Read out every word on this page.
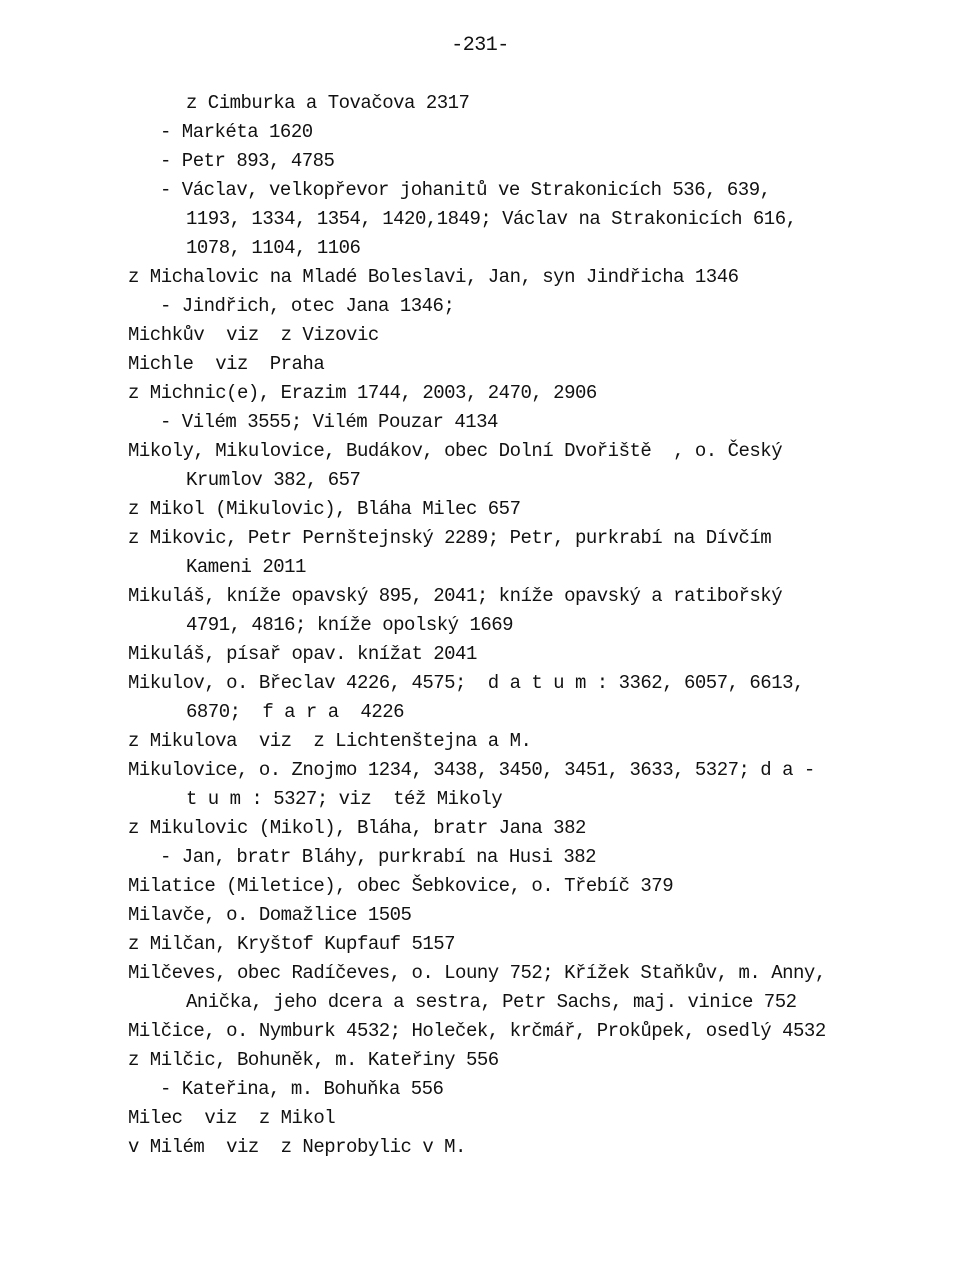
-231-
z Cimburka a Tovačova 2317
- Markéta 1620
- Petr 893, 4785
- Václav, velkopřevor johanitů ve Strakonicích 536, 639,
1193, 1334, 1354, 1420,1849; Václav na Strakonicích 616,
1078, 1104, 1106
z Michalovic na Mladé Boleslavi, Jan, syn Jindřicha 1346
- Jindřich, otec Jana 1346;
Michkův  viz  z Vizovic
Michle  viz  Praha
z Michnic(e), Erazim 1744, 2003, 2470, 2906
- Vilém 3555; Vilém Pouzar 4134
Mikoly, Mikulovice, Budákov, obec Dolní Dvořiště  , o. Český
Krumlov 382, 657
z Mikol (Mikulovic), Bláha Milec 657
z Mikovic, Petr Pernštejnský 2289; Petr, purkrabí na Dívčím
Kameni 2011
Mikuláš, kníže opavský 895, 2041; kníže opavský a ratibořský
4791, 4816; kníže opolský 1669
Mikuláš, písař opav. knížat 2041
Mikulov, o. Břeclav 4226, 4575;  d a t u m : 3362, 6057, 6613,
6870;  f a r a  4226
z Mikulova  viz  z Lichtenštejna a M.
Mikulovice, o. Znojmo 1234, 3438, 3450, 3451, 3633, 5327; d a -
t u m : 5327; viz  též Mikoly
z Mikulovic (Mikol), Bláha, bratr Jana 382
- Jan, bratr Bláhy, purkrabí na Husi 382
Milatice (Miletice), obec Šebkovice, o. Třebíč 379
Milavče, o. Domažlice 1505
z Milčan, Kryštof Kupfauf 5157
Milčeves, obec Radíčeves, o. Louny 752; Křížek Staňkův, m. Anny,
Anička, jeho dcera a sestra, Petr Sachs, maj. vinice 752
Milčice, o. Nymburk 4532; Holeček, krčmář, Prokůpek, osedlý 4532
z Milčic, Bohuněk, m. Kateřiny 556
- Kateřina, m. Bohuňka 556
Milec  viz  z Mikol
v Milém  viz  z Neprobylic v M.
